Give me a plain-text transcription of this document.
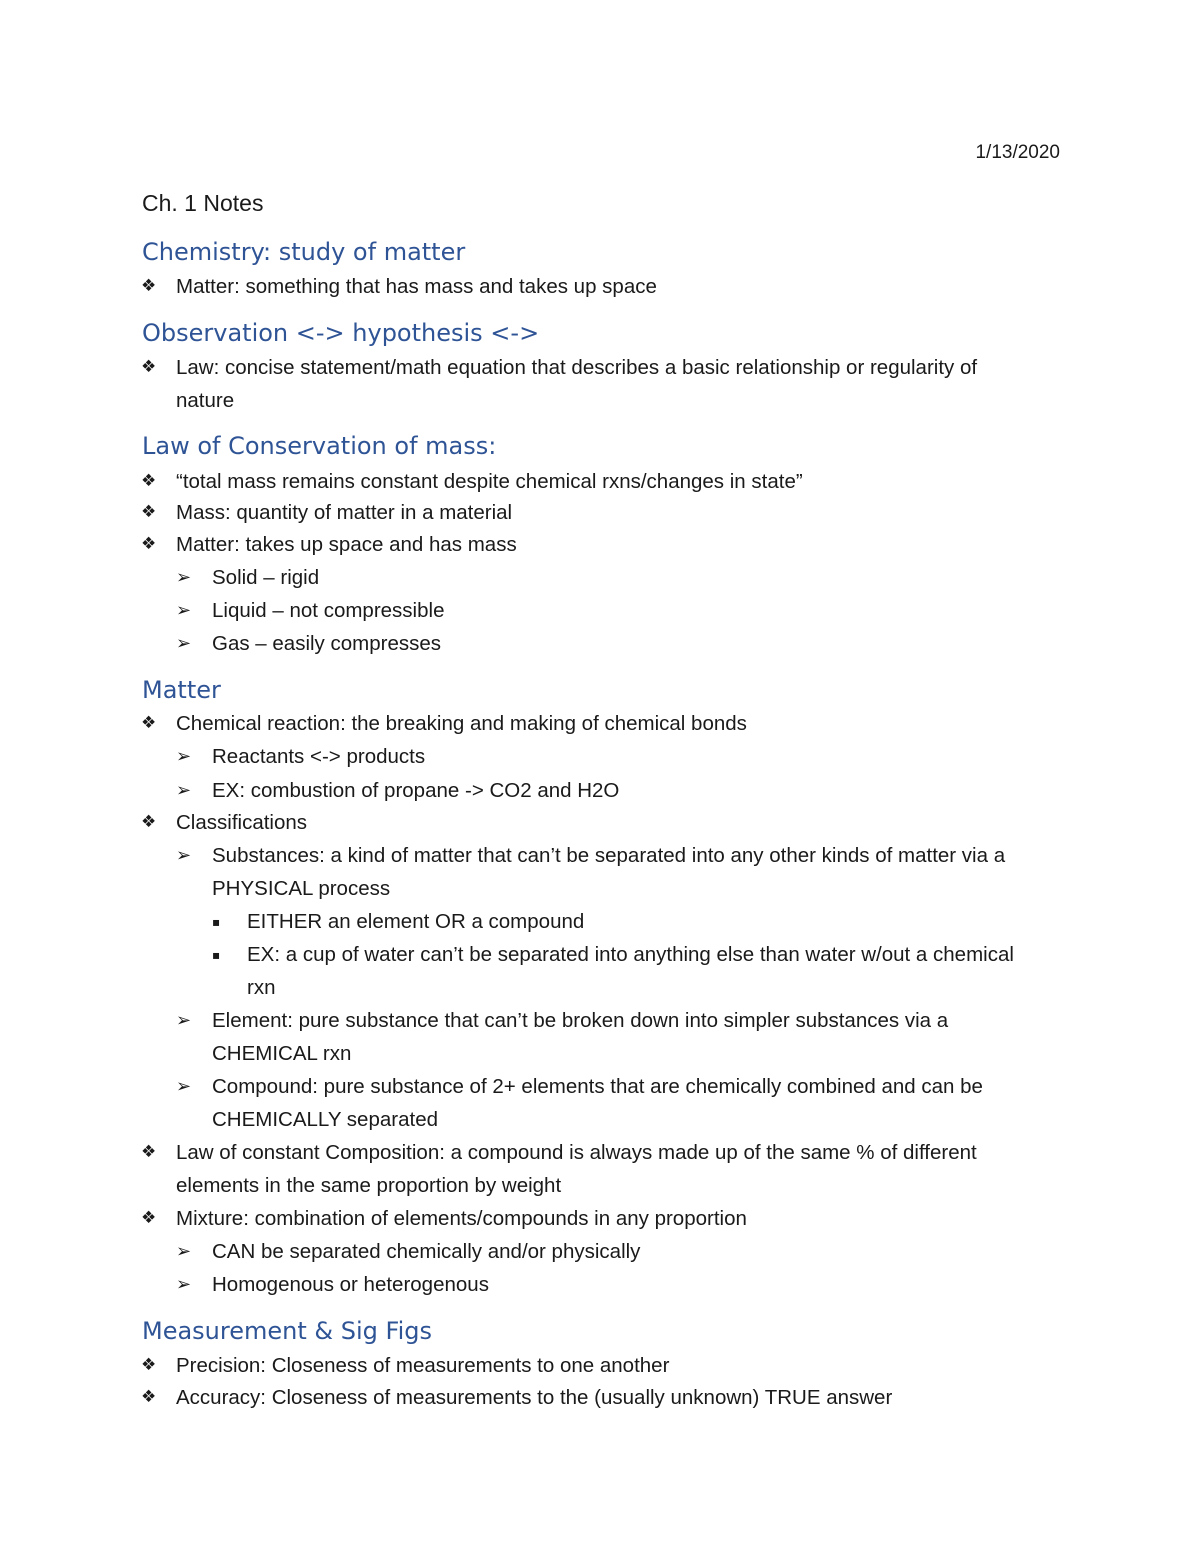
1/13/2020
Ch. 1 Notes
Chemistry: study of matter
❖ Matter: something that has mass and takes up space
Observation <-> hypothesis <->
❖ Law: concise statement/math equation that describes a basic relationship or regularity of
nature
Law of Conservation of mass:
❖ “total mass remains constant despite chemical rxns/changes in state”
❖ Mass: quantity of matter in a material
❖ Matter: takes up space and has mass
➢ Solid – rigid
➢ Liquid – not compressible
➢ Gas – easily compresses
Matter
❖ Chemical reaction: the breaking and making of chemical bonds
➢ Reactants <-> products
➢ EX: combustion of propane -> CO2 and H2O
❖ Classifications
➢ Substances: a kind of matter that can’t be separated into any other kinds of matter via a
PHYSICAL process
▪ EITHER an element OR a compound
▪ EX: a cup of water can’t be separated into anything else than water w/out a chemical
rxn
➢ Element: pure substance that can’t be broken down into simpler substances via a
CHEMICAL rxn
➢ Compound: pure substance of 2+ elements that are chemically combined and can be
CHEMICALLY separated
❖ Law of constant Composition: a compound is always made up of the same % of different
elements in the same proportion by weight
❖ Mixture: combination of elements/compounds in any proportion
➢ CAN be separated chemically and/or physically
➢ Homogenous or heterogenous
Measurement & Sig Figs
❖ Precision: Closeness of measurements to one another
❖ Accuracy: Closeness of measurements to the (usually unknown) TRUE answer
